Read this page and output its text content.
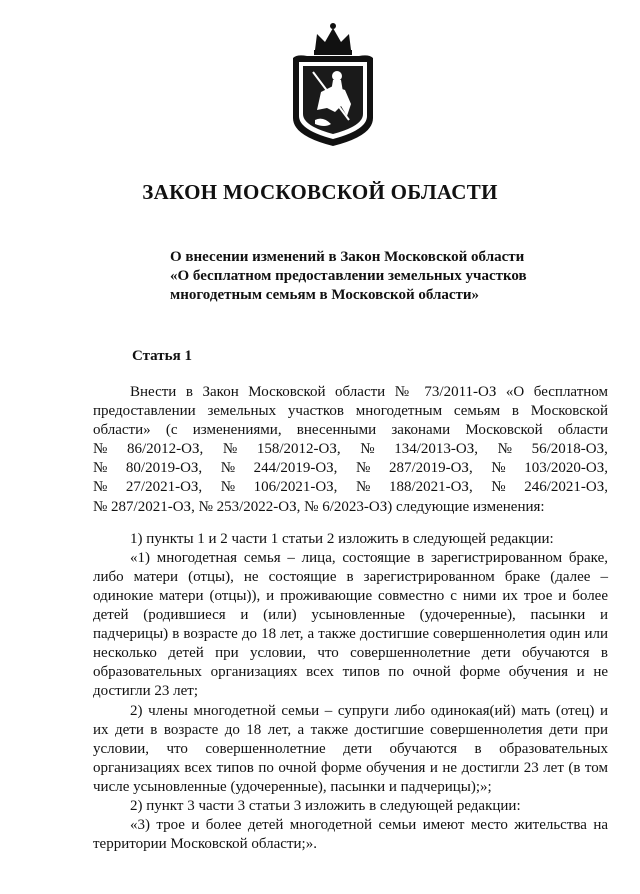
ЗАКОН МОСКОВСКОЙ ОБЛАСТИ
О внесении изменений в Закон Московской области
«О бесплатном предоставлении земельных участков
многодетным семьям в Московской области»
Статья 1

Внести в Закон Московской области № 73/2011-ОЗ «О бесплатном предоставлении земельных участков многодетным семьям в Московской области» (с изменениями, внесенными законами Московской области

№ 86/2012-ОЗ, № 158/2012-ОЗ, № 134/2013-ОЗ, № 56/2018-ОЗ,
№ 80/2019-ОЗ, № 244/2019-ОЗ, № 287/2019-ОЗ, № 103/2020-ОЗ,
№ 27/2021-ОЗ, № 106/2021-ОЗ, № 188/2021-ОЗ, № 246/2021-ОЗ,

№ 287/2021-ОЗ, № 253/2022-ОЗ, № 6/2023-ОЗ) следующие изменения:

1) пункты 1 и 2 части 1 статьи 2 изложить в следующей редакции:

«1) многодетная семья – лица, состоящие в зарегистрированном браке, либо матери (отцы), не состоящие в зарегистрированном браке (далее – одинокие матери (отцы)), и проживающие совместно с ними их трое и более детей (родившиеся и (или) усыновленные (удочеренные), пасынки и падчерицы) в возрасте до 18 лет, а также достигшие совершеннолетия один или несколько детей при условии, что совершеннолетние дети обучаются в образовательных организациях всех типов по очной форме обучения и не достигли 23 лет;

2) члены многодетной семьи – супруги либо одинокая(ий) мать (отец) и их дети в возрасте до 18 лет, а также достигшие совершеннолетия дети при условии, что совершеннолетние дети обучаются в образовательных организациях всех типов по очной форме обучения и не достигли 23 лет (в том числе усыновленные (удочеренные), пасынки и падчерицы);»;

2) пункт 3 части 3 статьи 3 изложить в следующей редакции:

«3) трое и более детей многодетной семьи имеют место жительства на территории Московской области;».
